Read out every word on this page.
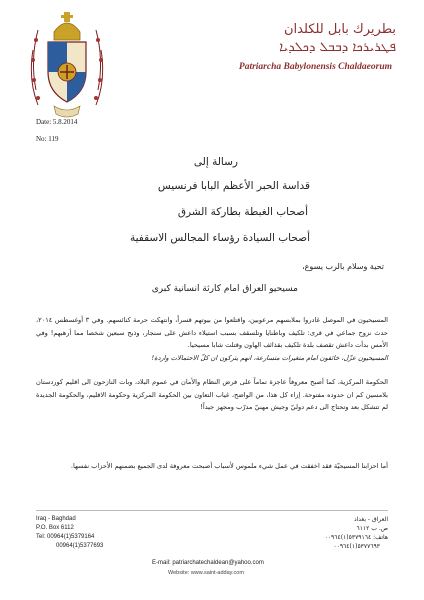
بطريرك بابل للكلدان
ܦܛܪܝܪܟܐ ܕܒܒܠ ܕܟܠܕܝܐ
Patriarcha Babylonensis Chaldaeorum
Date: 5.8.2014
No: 119
رسالة إلى
قداسة الحبر الأعظم البابا فرنسيس
أصحاب الغبطة بطاركة الشرق
أصحاب السيادة رؤساء المجالس الاسقفية
تحية وسلام بالرب يسوع،
مسيحيو العراق امام كارثة انسانية كبرى
المسيحيون في الموصل غادروا بملابسهم مرعوبين، واقتلعوا من بيوتهم قسراً، وانتهكت حرمة كنائسهم. وفي ٣ أوغسطس ٢٠١٤، حدث نزوح جماعي في قرى: تلكيف وباطنايا وتلسقف بسبب استيلاء داعش على سنجار، وذبح سبعين شخصا مما أرهبهم! وفي الأمس بدأت داعش تقصف بلدة تلكيف بقذائف الهاون وقتلت شابا مسيحيا.
المسيحيون عزّل، خائفون امام متغيرات متسارعة، انهم يتركون ان كلّ الاحتمالات واردة!
الحكومة المركزية، كما أصبح معروفاً عاجزة تماماً على فرض النظام والأمان في عموم البلاد، وبات النازحون الى اقليم كوردستان بلامسين كم ان حدوده مفتوحة. إزاء كل هذا، من الواضح، غياب التعاون بين الحكومة المركزية وحكومة الاقليم، والحكومة الجديدة لم تتشكل بعد وتحتاج الى دعم دوليّ وجيش مهنيّ مدرّب ومجهز جيداً!
أما احزابنا المسيحيّة فقد اخفقت في عمل شيء ملموس لأسباب أصبحت معروفة لدى الجميع بضمنهم الأحزاب نفسها.
Iraq - Baghdad
P.O. Box 6112
Tel: 00964(1)5379164
00964(1)5377693
العراق - بغداد
ص. ب ٦١١٢
هاتف: ٥٣٧٩١٦٤(١)٠٠٩٦٤
٥٣٧٧٦٩٣(١)٠٠٩٦٤
E-mail: patriarchatechaldean@yahoo.com
Website: www.saint-adday.com
